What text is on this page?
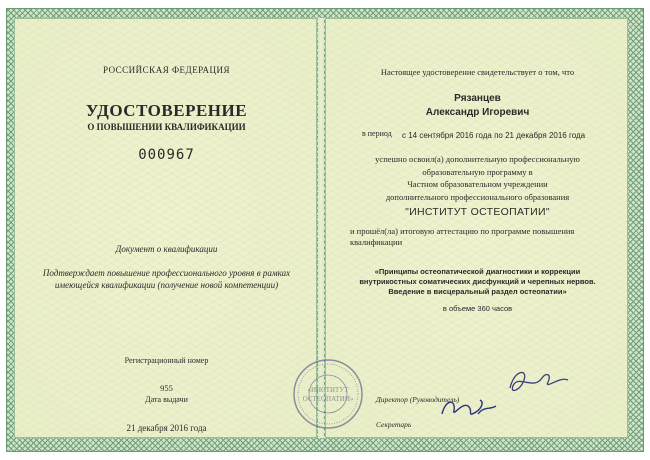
РОССИЙСКАЯ ФЕДЕРАЦИЯ
УДОСТОВЕРЕНИЕ
О ПОВЫШЕНИИ КВАЛИФИКАЦИИ
000967
Документ о квалификации
Подтверждает повышение профессионального уровня в рамках имеющейся квалификации (получение новой компетенции)
Регистрационный номер
955
Дата выдачи
21 декабря 2016 года
Настоящее удостоверение свидетельствует о том, что
Рязанцев
Александр Игоревич
в период с 14 сентября 2016 года по 21 декабря 2016 года
успешно освоил(а) дополнительную профессиональную
образовательную программу в
Частном образовательном учреждении
дополнительного профессионального образования
"ИНСТИТУТ ОСТЕОПАТИИ"
и прошёл(ла) итоговую аттестацию по программе повышения квалификации
«Принципы остеопатической диагностики и коррекции
внутрикостных соматических дисфункций и черепных нервов.
Введение в висцеральный раздел остеопатии»
в объеме 360 часов
Директор (Руководитель)
Секретарь
«ИНСТИТУТ
ОСТЕОПАТИИ»
